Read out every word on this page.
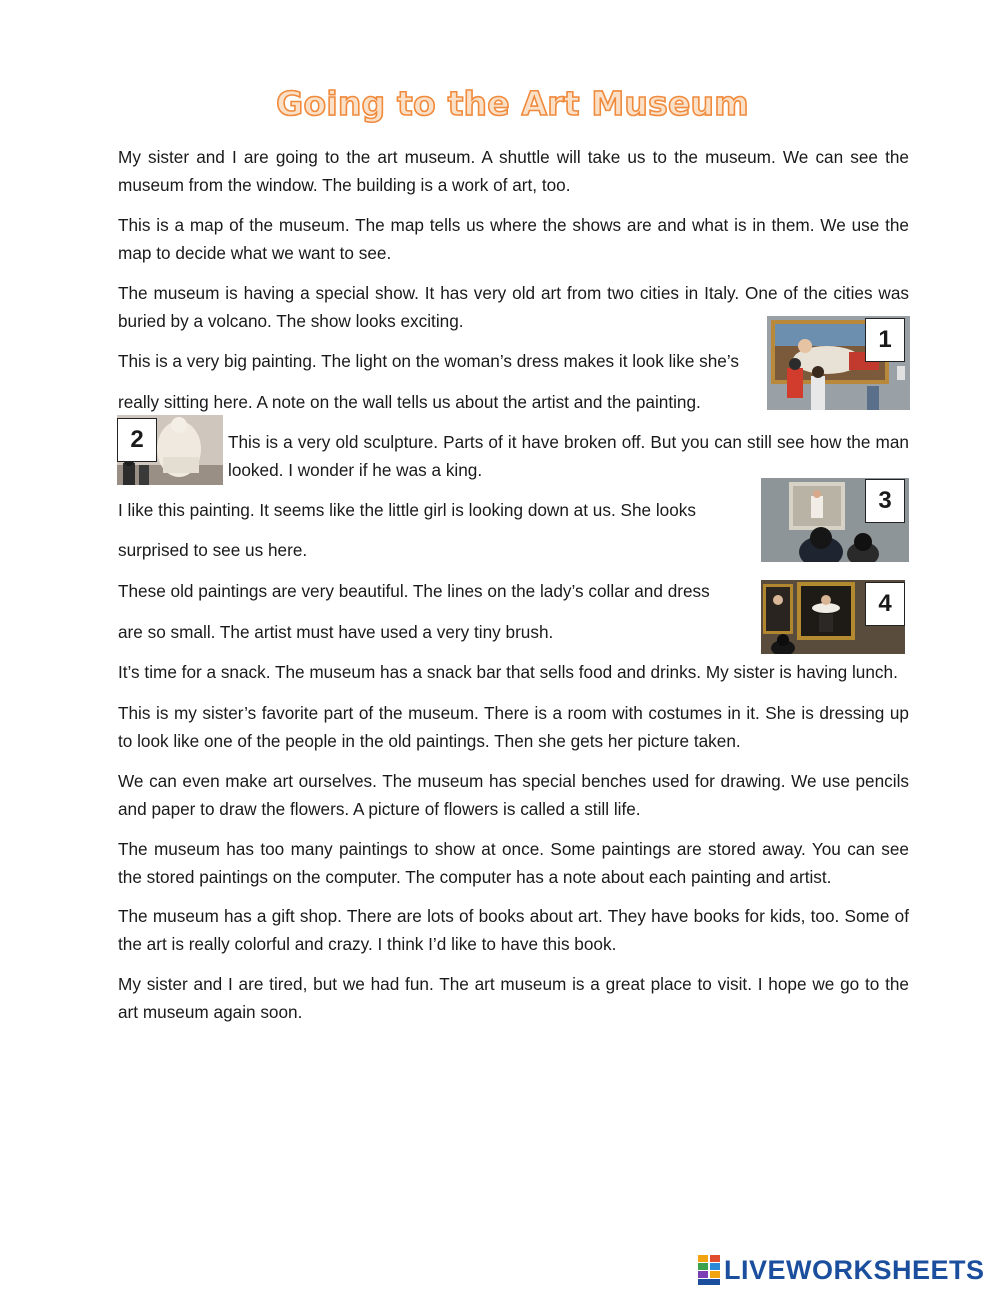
Going to the Art Museum
My sister and I are going to the art museum. A shuttle will take us to the museum. We can see the museum from the window. The building is a work of art, too.
This is a map of the museum. The map tells us where the shows are and what is in them. We use the map to decide what we want to see.
The museum is having a special show. It has very old art from two cities in Italy. One of the cities was buried by a volcano. The show looks exciting.
This is a very big painting. The light on the woman’s dress makes it look like she’s
really sitting here. A note on the wall tells us about the artist and the painting.
This is a very old sculpture. Parts of it have broken off. But you can still see how the man looked. I wonder if he was a king.
I like this painting. It seems like the little girl is looking down at us. She looks
surprised to see us here.
These old paintings are very beautiful. The lines on the lady’s collar and dress
are so small. The artist must have used a very tiny brush.
It’s time for a snack. The museum has a snack bar that sells food and drinks. My sister is having lunch.
This is my sister’s favorite part of the museum. There is a room with costumes in it. She is dressing up to look like one of the people in the old paintings. Then she gets her picture taken.
We can even make art ourselves. The museum has special benches used for drawing. We use pencils and paper to draw the flowers. A picture of flowers is called a still life.
The museum has too many paintings to show at once. Some paintings are stored away. You can see the stored paintings on the computer. The computer has a note about each painting and artist.
The museum has a gift shop. There are lots of books about art. They have books for kids, too. Some of the art is really colorful and crazy. I think I’d like to have this book.
My sister and I are tired, but we had fun. The art museum is a great place to visit. I hope we go to the art museum again soon.
1
2
3
4
LIVEWORKSHEETS
